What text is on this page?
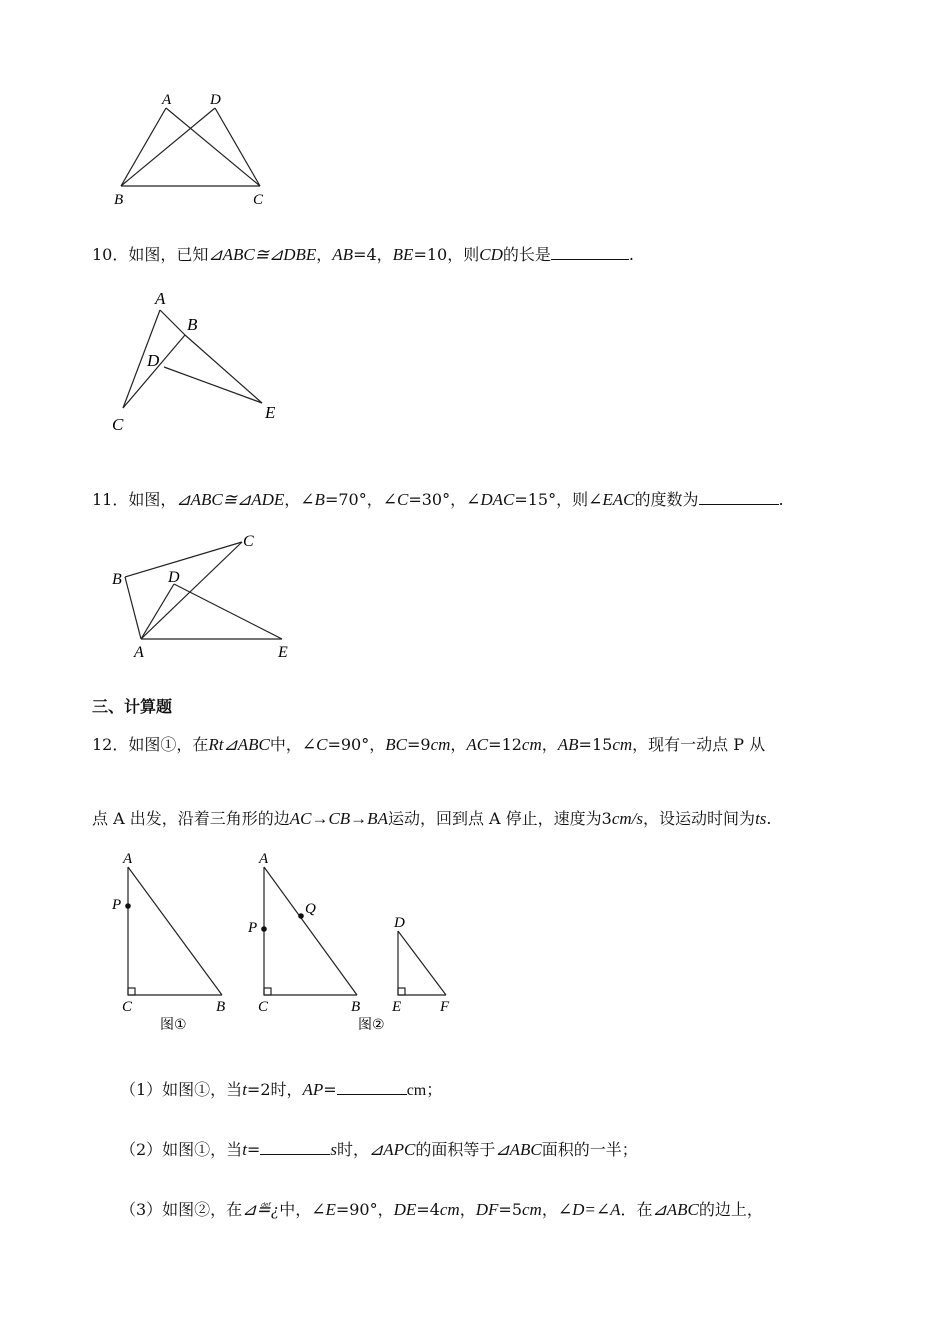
A	D
B	C
10．如图，已知⊿ABC≅⊿DBE，AB=4，BE=10，则CD的长是	.
A
B
D
E
C
11．如图，⊿ABC≅⊿ADE，∠B=70°，∠C=30°，∠DAC=15°，则∠EAC的度数为	.
C
B	D
A	E
三、计算题
12．如图①，在Rt⊿ABC中，∠C=90°，BC=9cm，AC=12cm，AB=15cm，现有一动点 P 从
点 A 出发，沿着三角形的边AC→CB→BA运动，回到点 A 停止，速度为3cm/s，设运动时间为ts.
A
P
C	B
图①
A
Q
P
C	B
D
E	F
图②
（1）如图①，当t=2时，AP=	cm；
（2）如图①，当t=	s时，⊿APC的面积等于⊿ABC面积的一半；
（3）如图②，在⊿≝¿中，∠E=90°，DE=4cm，DF=5cm，∠D=∠A．在⊿ABC的边上，
